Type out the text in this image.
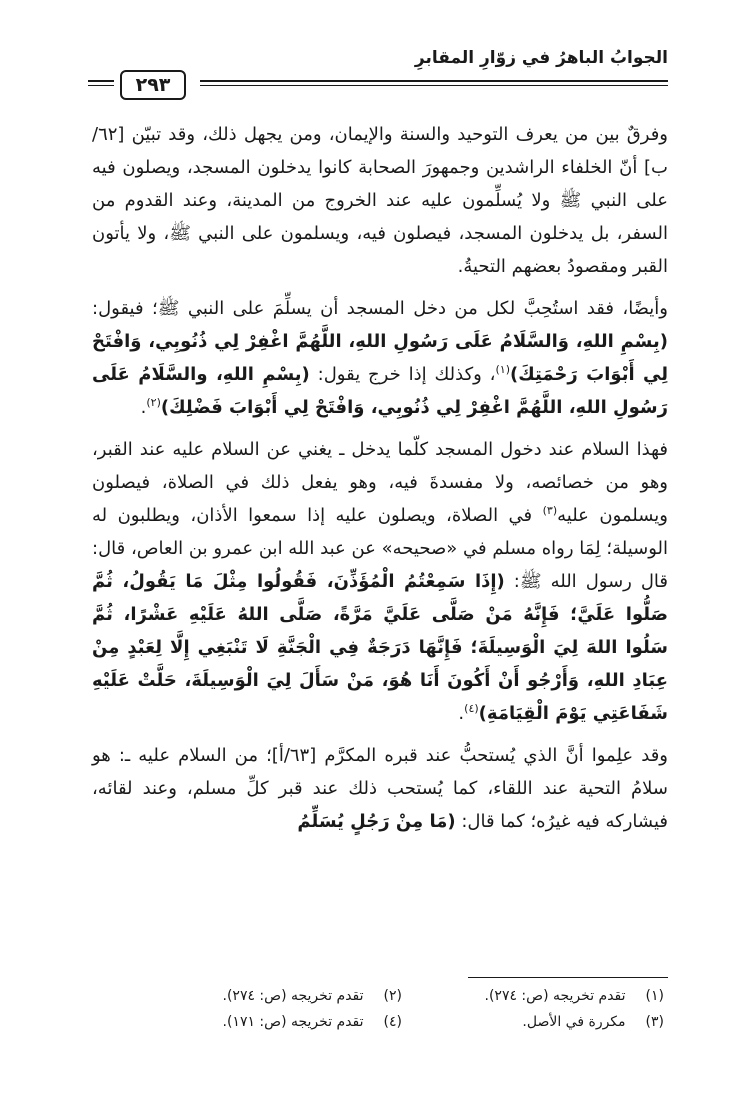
الجوابُ الباهرُ في زوّارِ المقابرِ
٢٩٣

وفرقٌ بين من يعرف التوحيد والسنة والإيمان، ومن يجهل ذلك، وقد تبيّن [٦٢/ب] أنّ الخلفاء الراشدين وجمهورَ الصحابة كانوا يدخلون المسجد، ويصلون فيه على النبي ﷺ ولا يُسلِّمون عليه عند الخروج من المدينة، وعند القدوم من السفر، بل يدخلون المسجد، فيصلون فيه، ويسلمون على النبي ﷺ، ولا يأتون القبر ومقصودُ بعضهم التحيةُ.

وأيضًا، فقد استُحِبَّ لكل من دخل المسجد أن يسلِّمَ على النبي ﷺ؛ فيقول: (بِسْمِ اللهِ، وَالسَّلَامُ عَلَى رَسُولِ اللهِ، اللَّهُمَّ اغْفِرْ لِي ذُنُوبِي، وَافْتَحْ لِي أَبْوَابَ رَحْمَتِكَ)$^{(١)}$، وكذلك إذا خرج يقول: (بِسْمِ اللهِ، والسَّلَامُ عَلَى رَسُولِ اللهِ، اللَّهُمَّ اغْفِرْ لِي ذُنُوبِي، وَافْتَحْ لِي أَبْوَابَ فَضْلِكَ)$^{(٢)}$.

فهذا السلام عند دخول المسجد كلّما يدخل ـ يغني عن السلام عليه عند القبر، وهو من خصائصه، ولا مفسدةَ فيه، وهو يفعل ذلك في الصلاة، فيصلون ويسلمون عليه$^{(٣)}$ في الصلاة، ويصلون عليه إذا سمعوا الأذان، ويطلبون له الوسيلة؛ لِمَا رواه مسلم في «صحيحه» عن عبد الله ابن عمرو بن العاص، قال: قال رسول الله ﷺ: (إِذَا سَمِعْتُمُ الْمُؤَذِّنَ، فَقُولُوا مِثْلَ مَا يَقُولُ، ثُمَّ صَلُّوا عَلَيَّ؛ فَإِنَّهُ مَنْ صَلَّى عَلَيَّ مَرَّةً، صَلَّى اللهُ عَلَيْهِ عَشْرًا، ثُمَّ سَلُوا اللهَ لِيَ الْوَسِيلَةَ؛ فَإِنَّهَا دَرَجَةٌ فِي الْجَنَّةِ لَا تَنْبَغِي إِلَّا لِعَبْدٍ مِنْ عِبَادِ اللهِ، وَأَرْجُو أَنْ أَكُونَ أَنَا هُوَ، مَنْ سَأَلَ لِيَ الْوَسِيلَةَ، حَلَّتْ عَلَيْهِ شَفَاعَتِي يَوْمَ الْقِيَامَةِ)$^{(٤)}$.

وقد علِموا أنَّ الذي يُستحبُّ عند قبره المكرَّم [٦٣/أ]؛ من السلام عليه ـ: هو سلامُ التحية عند اللقاء، كما يُستحب ذلك عند قبر كلِّ مسلم، وعند لقائه، فيشاركه فيه غيرُه؛ كما قال: (مَا مِنْ رَجُلٍ يُسَلِّمُ

(١) تقدم تخريجه (ص: ٢٧٤).
(٢) تقدم تخريجه (ص: ٢٧٤).
(٣) مكررة في الأصل.
(٤) تقدم تخريجه (ص: ١٧١).
